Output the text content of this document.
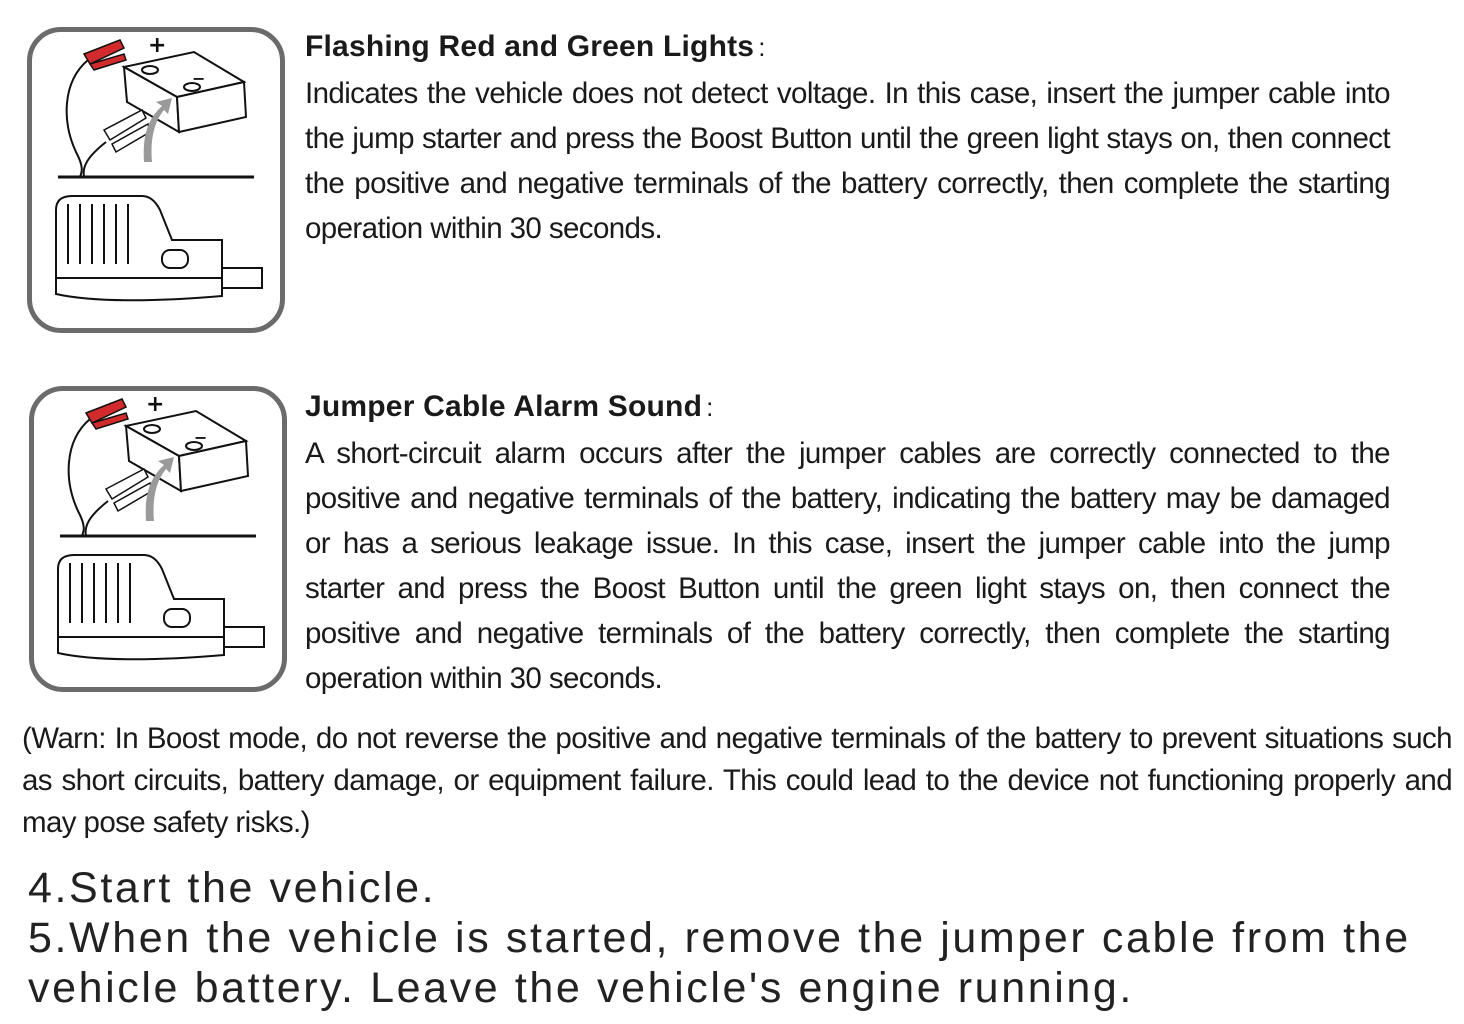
+
−
Flashing Red and Green Lights :
Indicates the vehicle does not detect voltage. In this case, insert the jumper cable into the jump starter and press the Boost Button until the green light stays on, then connect the positive and negative terminals of the battery correctly, then complete the starting operation within 30 seconds.
+
−
Jumper Cable Alarm Sound :
A short-circuit alarm occurs after the jumper cables are correctly connected to the positive and negative terminals of the battery, indicating the battery may be damaged or has a serious leakage issue. In this case, insert the jumper cable into the jump starter and press the Boost Button until the green light stays on, then connect the positive and negative terminals of the battery correctly, then complete the starting operation within 30 seconds.
(Warn: In Boost mode, do not reverse the positive and negative terminals of the battery to prevent situations such as short circuits, battery damage, or equipment failure. This could lead to the device not functioning properly and may pose safety risks.)
4.Start the vehicle.
5.When the vehicle is started, remove the jumper cable from the
vehicle battery. Leave the vehicle's engine running.
